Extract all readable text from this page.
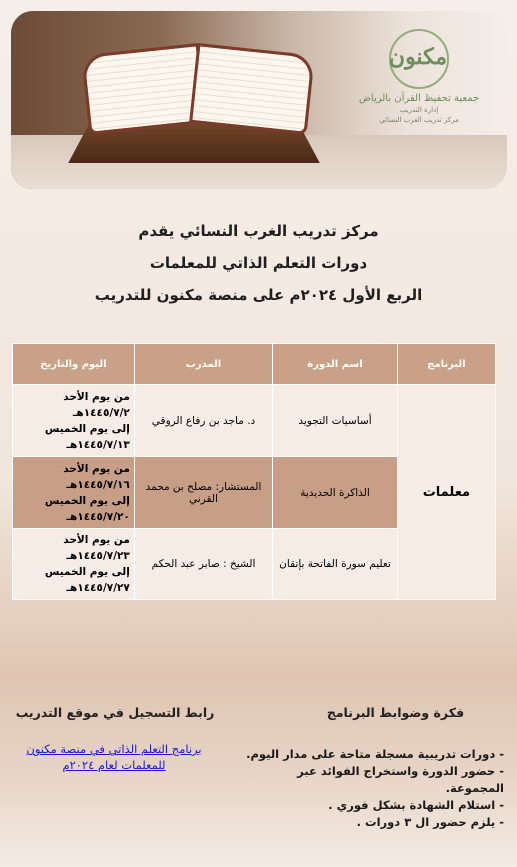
مكنون
جمعية تحفيظ القرآن بالرياض
إدارة التدريب
مركز تدريب الغرب النسائي
مركز تدريب الغرب النسائي يقدم
دورات التعلم الذاتي للمعلمات
الربع الأول ٢٠٢٤م على منصة مكنون للتدريب
البرنامج	اسم الدورة	المدرب	اليوم والتاريخ
معلمات	أساسيات التجويد	د. ماجد بن رفاع الروقي	من يوم الأحد
١٤٤٥/٧/٢هـ
إلى يوم الخميس
١٤٤٥/٧/١٣هـ

	الذاكرة الحديدية	المستشار: مصلح بن محمد القرني	من يوم الأحد
١٤٤٥/٧/١٦هـ
إلى يوم الخميس
١٤٤٥/٧/٢٠هـ

	تعليم سورة الفاتحة بإتقان	الشيخ : صابر عبد الحكم	من يوم الأحد
١٤٤٥/٧/٢٣هـ
إلى يوم الخميس
١٤٤٥/٧/٢٧هـ
رابط التسجيل في موقع التدريب	فكرة وضوابط البرنامج
برنامج التعلم الذاتي في منصة مكنون للمعلمات لعام ٢٠٢٤م
- دورات تدريبية مسجلة متاحة على مدار اليوم.
- حضور الدورة واستخراج الفوائد عبر المجموعة.
- استلام الشهادة بشكل فوري .
- يلزم حضور ال ٣ دورات .
